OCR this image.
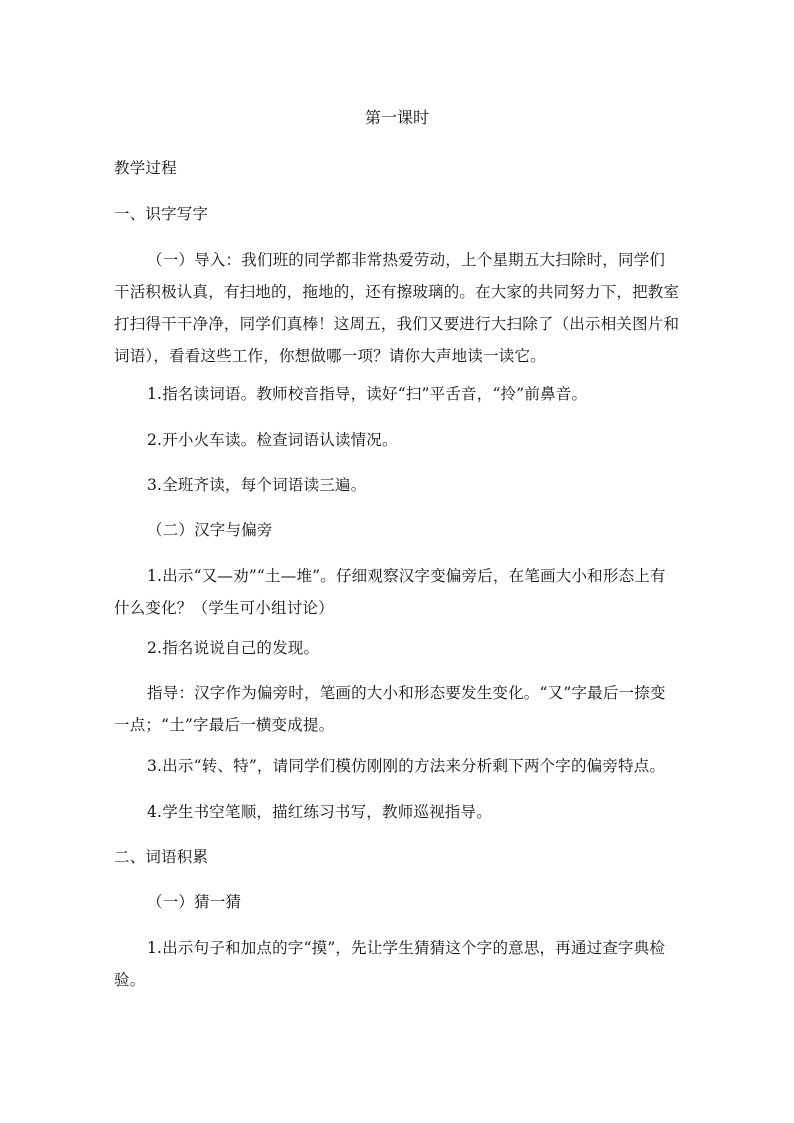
第一课时

教学过程

一、识字写字

（一）导入：我们班的同学都非常热爱劳动，上个星期五大扫除时，同学们干活积极认真，有扫地的，拖地的，还有擦玻璃的。在大家的共同努力下，把教室打扫得干干净净，同学们真棒！这周五，我们又要进行大扫除了（出示相关图片和词语），看看这些工作，你想做哪一项？请你大声地读一读它。

1.指名读词语。教师校音指导，读好“扫”平舌音，“拎”前鼻音。

2.开小火车读。检查词语认读情况。

3.全班齐读，每个词语读三遍。

（二）汉字与偏旁

1.出示“又—劝”“土—堆”。仔细观察汉字变偏旁后，在笔画大小和形态上有什么变化？（学生可小组讨论）

2.指名说说自己的发现。

指导：汉字作为偏旁时，笔画的大小和形态要发生变化。“又”字最后一捺变一点；“土”字最后一横变成提。

3.出示“转、特”，请同学们模仿刚刚的方法来分析剩下两个字的偏旁特点。

4.学生书空笔顺，描红练习书写，教师巡视指导。

二、词语积累

（一）猜一猜

1.出示句子和加点的字“摸”，先让学生猜猜这个字的意思，再通过查字典检验。
